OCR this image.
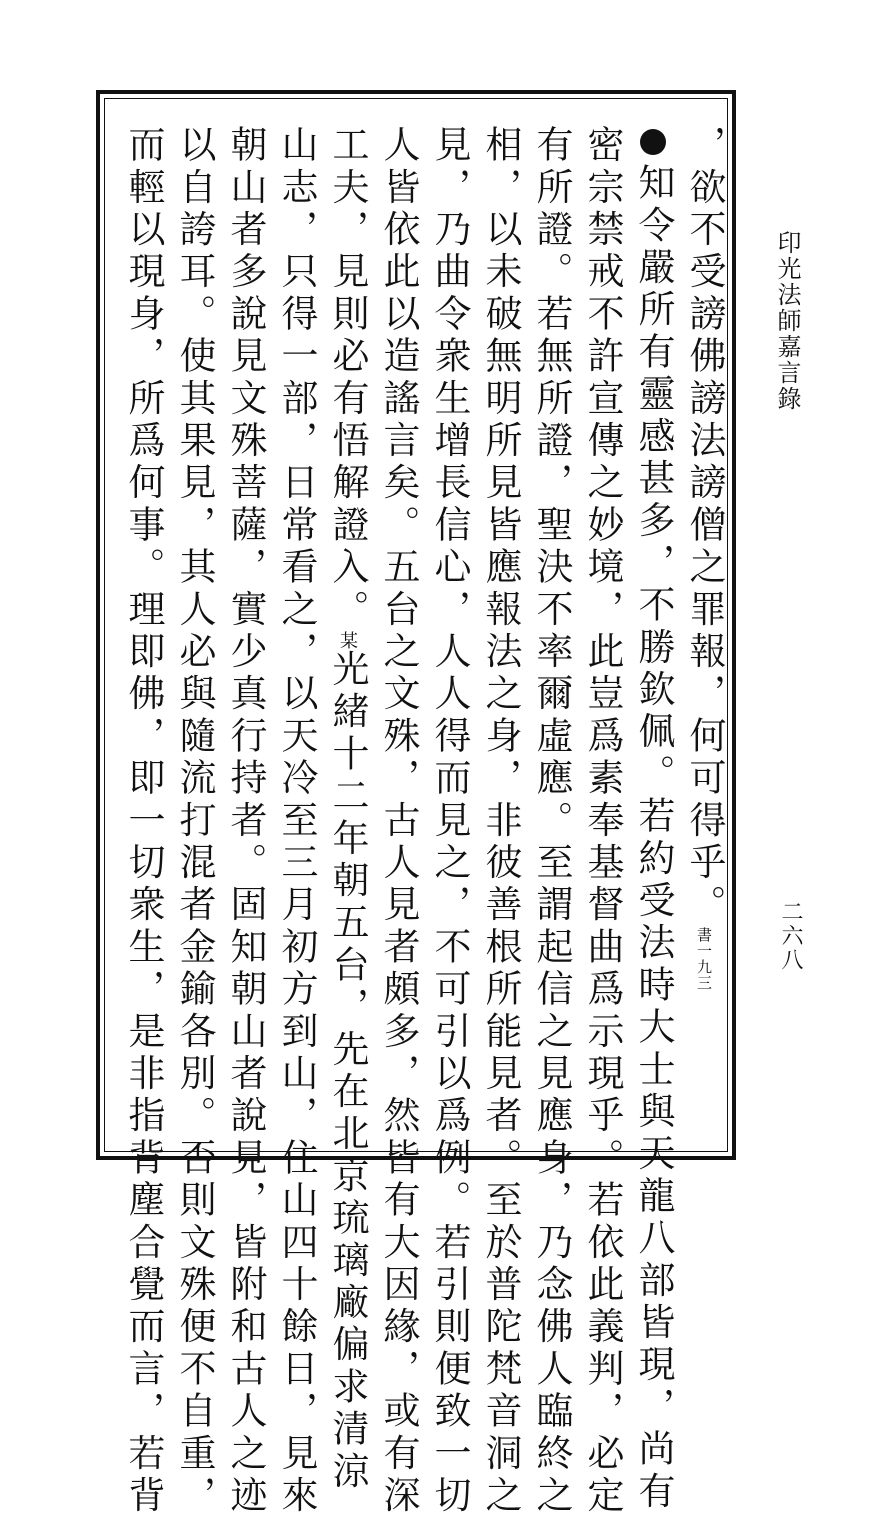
印光法師嘉言錄
二六八
，欲不受謗佛謗法謗僧之罪報，何可得乎。書一九三
知令嚴所有靈感甚多，不勝欽佩。若約受法時大士與天龍八部皆現，尚有
密宗禁戒不許宣傳之妙境，此豈爲素奉基督曲爲示現乎。若依此義判，必定
有所證。若無所證，聖決不率爾虛應。至謂起信之見應身，乃念佛人臨終之
相，以未破無明所見皆應報法之身，非彼善根所能見者。至於普陀梵音洞之
見，乃曲令衆生增長信心，人人得而見之，不可引以爲例。若引則便致一切
人皆依此以造謠言矣。五台之文殊，古人見者頗多，然皆有大因緣，或有深
工夫，見則必有悟解證入。某光緒十二年朝五台，先在北京琉璃廠偏求清涼
山志，只得一部，日常看之，以天冷至三月初方到山，住山四十餘日，見來
朝山者多說見文殊菩薩，實少真行持者。固知朝山者說見，皆附和古人之迹
以自誇耳。使其果見，其人必與隨流打混者金鍮各別。否則文殊便不自重，
而輕以現身，所爲何事。理即佛，即一切衆生，是非指背塵合覺而言，若背
